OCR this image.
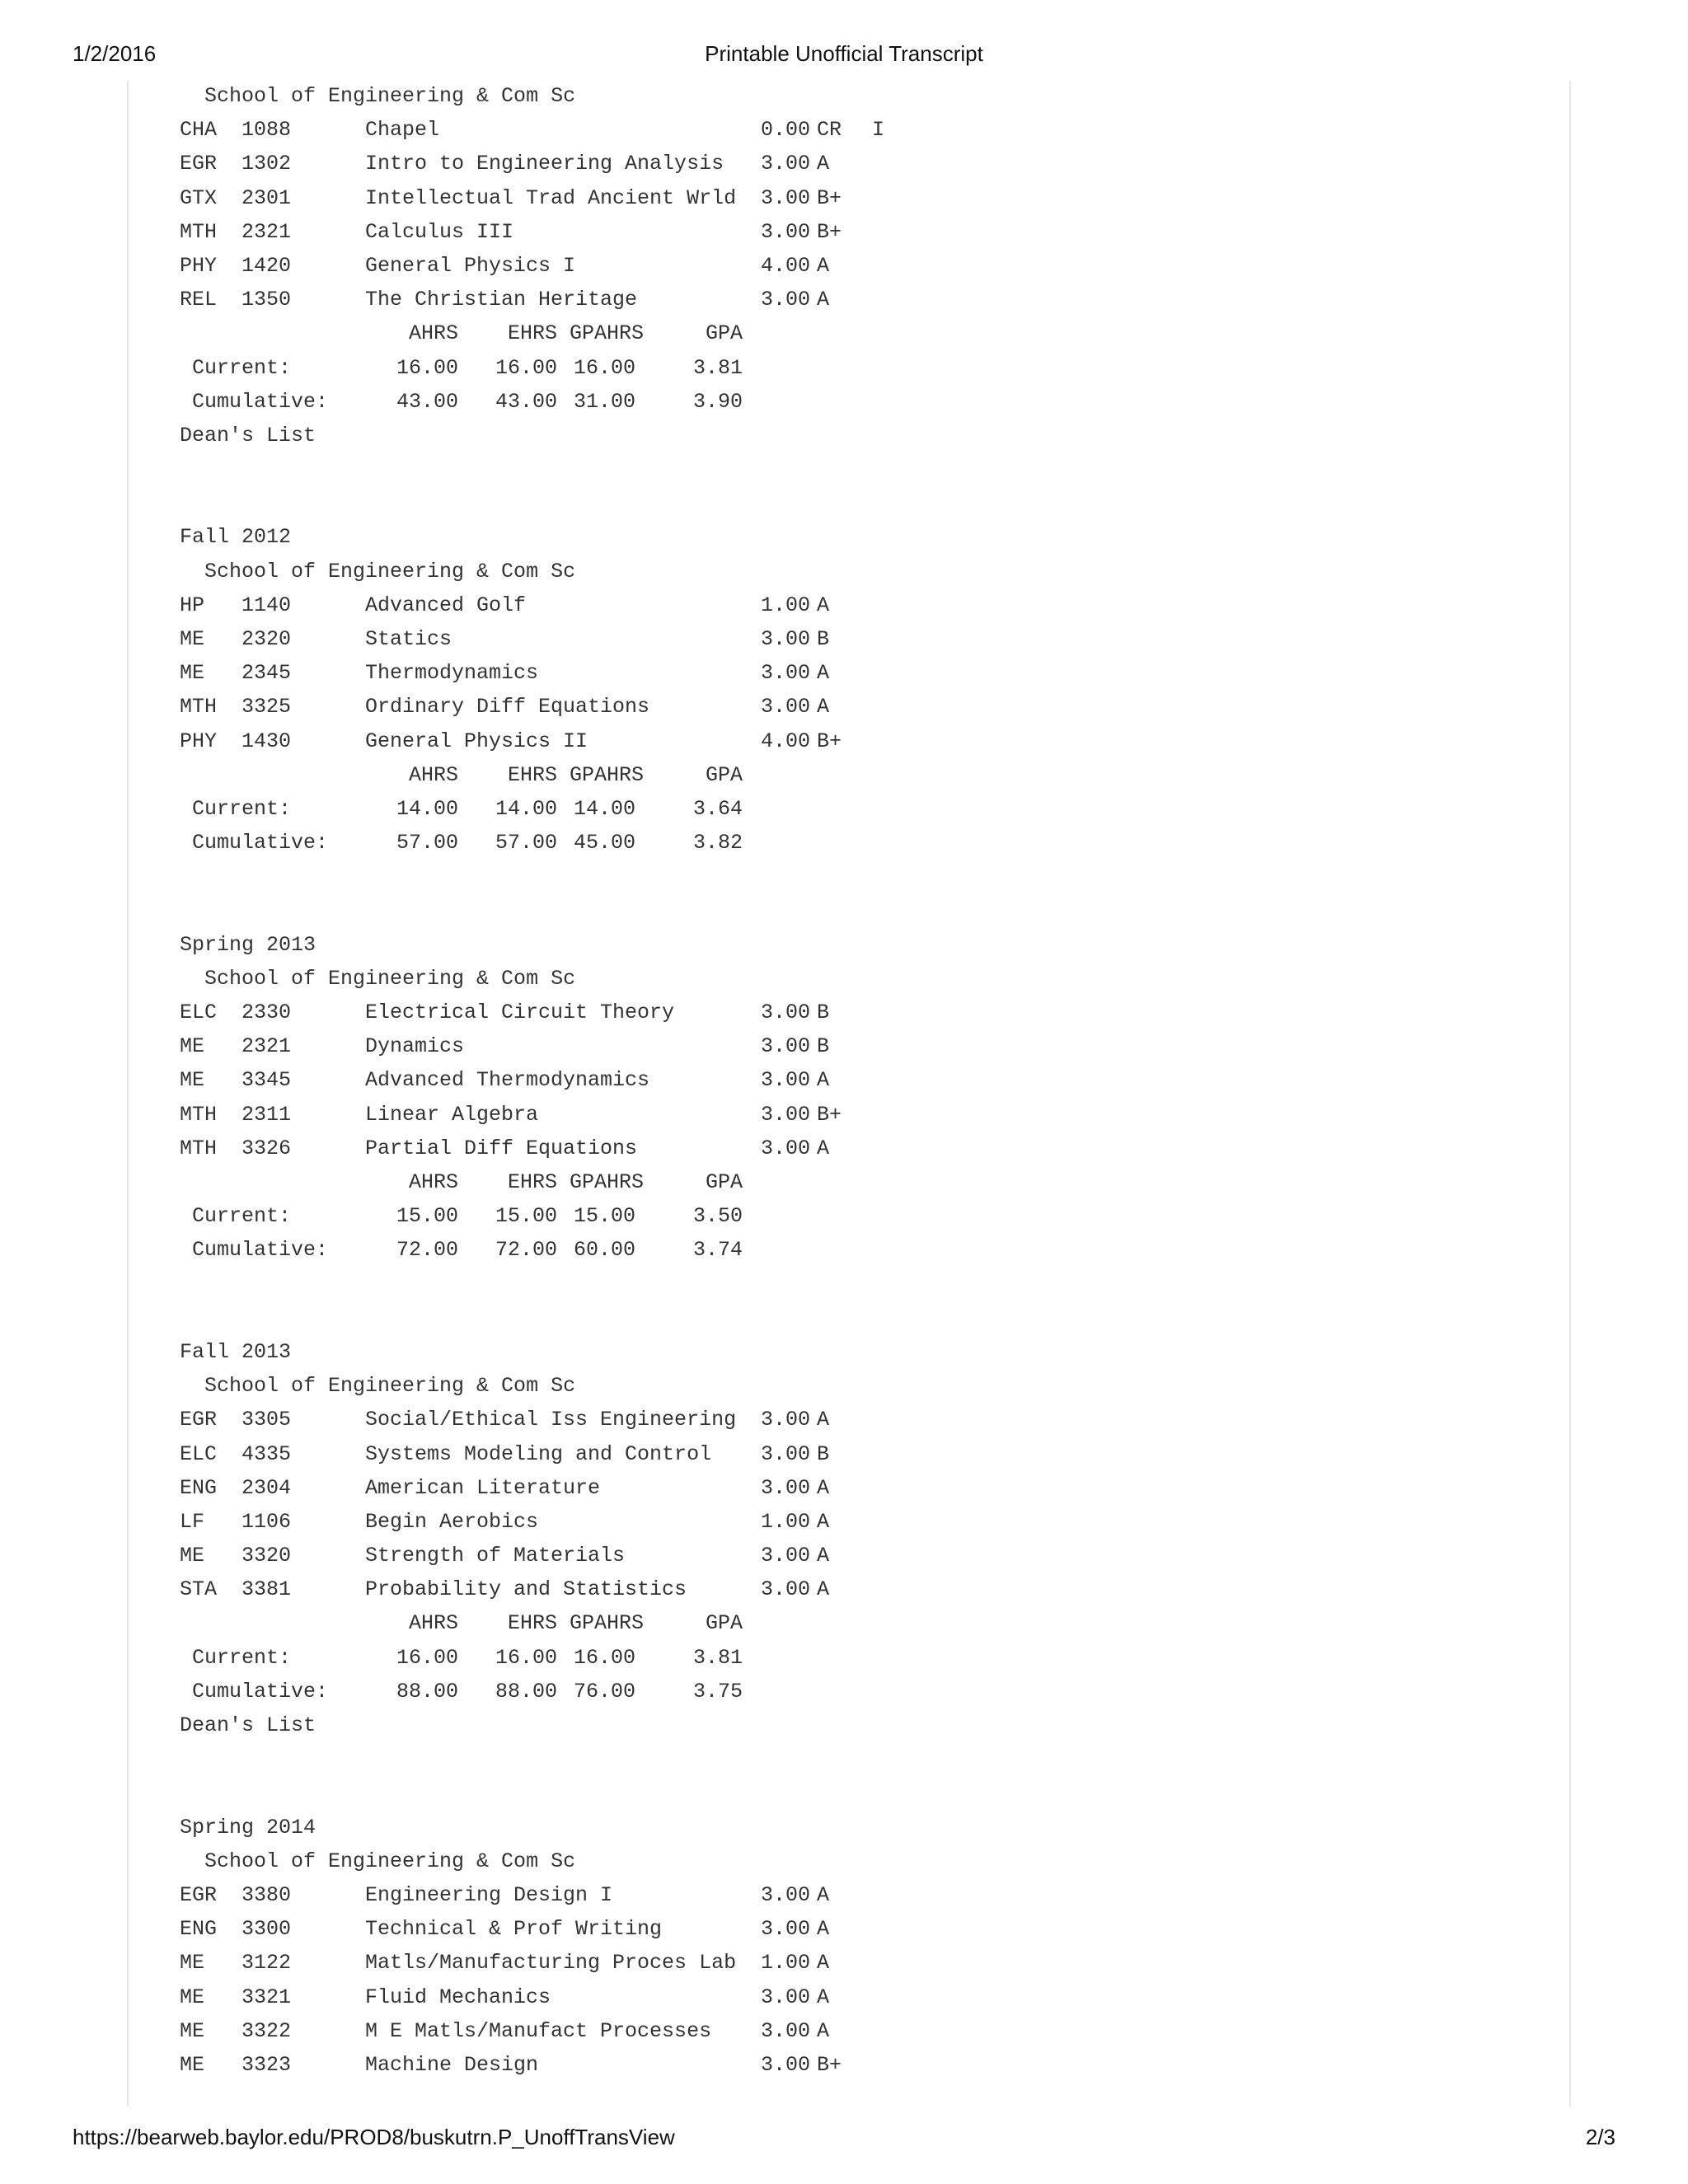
1/2/2016	Printable Unofficial Transcript
School of Engineering & Com Sc
CHA 1088	Chapel	0.00 CR I
EGR 1302	Intro to Engineering Analysis 3.00 A
GTX 2301	Intellectual Trad Ancient Wrld 3.00 B+
MTH 2321	Calculus III	3.00 B+
PHY 1420	General Physics I	4.00 A
REL 1350	The Christian Heritage	3.00 A
AHRS	EHRS GPAHRS	GPA
Current:	16.00	16.00 16.00	3.81
Cumulative:	43.00	43.00 31.00	3.90
Dean's List
Fall 2012
School of Engineering & Com Sc
HP 1140	Advanced Golf	1.00 A
ME 2320	Statics	3.00 B
ME 2345	Thermodynamics	3.00 A
MTH 3325	Ordinary Diff Equations	3.00 A
PHY 1430	General Physics II	4.00 B+
AHRS	EHRS GPAHRS	GPA
Current:	14.00	14.00 14.00	3.64
Cumulative:	57.00	57.00 45.00	3.82
Spring 2013
School of Engineering & Com Sc
ELC 2330	Electrical Circuit Theory	3.00 B
ME 2321	Dynamics	3.00 B
ME 3345	Advanced Thermodynamics	3.00 A
MTH 2311	Linear Algebra	3.00 B+
MTH 3326	Partial Diff Equations	3.00 A
AHRS	EHRS GPAHRS	GPA
Current:	15.00	15.00 15.00	3.50
Cumulative:	72.00	72.00 60.00	3.74
Fall 2013
School of Engineering & Com Sc
EGR 3305	Social/Ethical Iss Engineering 3.00 A
ELC 4335	Systems Modeling and Control 3.00 B
ENG 2304	American Literature	3.00 A
LF 1106	Begin Aerobics	1.00 A
ME 3320	Strength of Materials	3.00 A
STA 3381	Probability and Statistics	3.00 A
AHRS	EHRS GPAHRS	GPA
Current:	16.00	16.00 16.00	3.81
Cumulative:	88.00	88.00 76.00	3.75
Dean's List
Spring 2014
School of Engineering & Com Sc
EGR 3380	Engineering Design I	3.00 A
ENG 3300	Technical & Prof Writing	3.00 A
ME 3122	Matls/Manufacturing Proces Lab 1.00 A
ME 3321	Fluid Mechanics	3.00 A
ME 3322	M E Matls/Manufact Processes 3.00 A
ME 3323	Machine Design	3.00 B+
https://bearweb.baylor.edu/PROD8/buskutrn.P_UnoffTransView	2/3
